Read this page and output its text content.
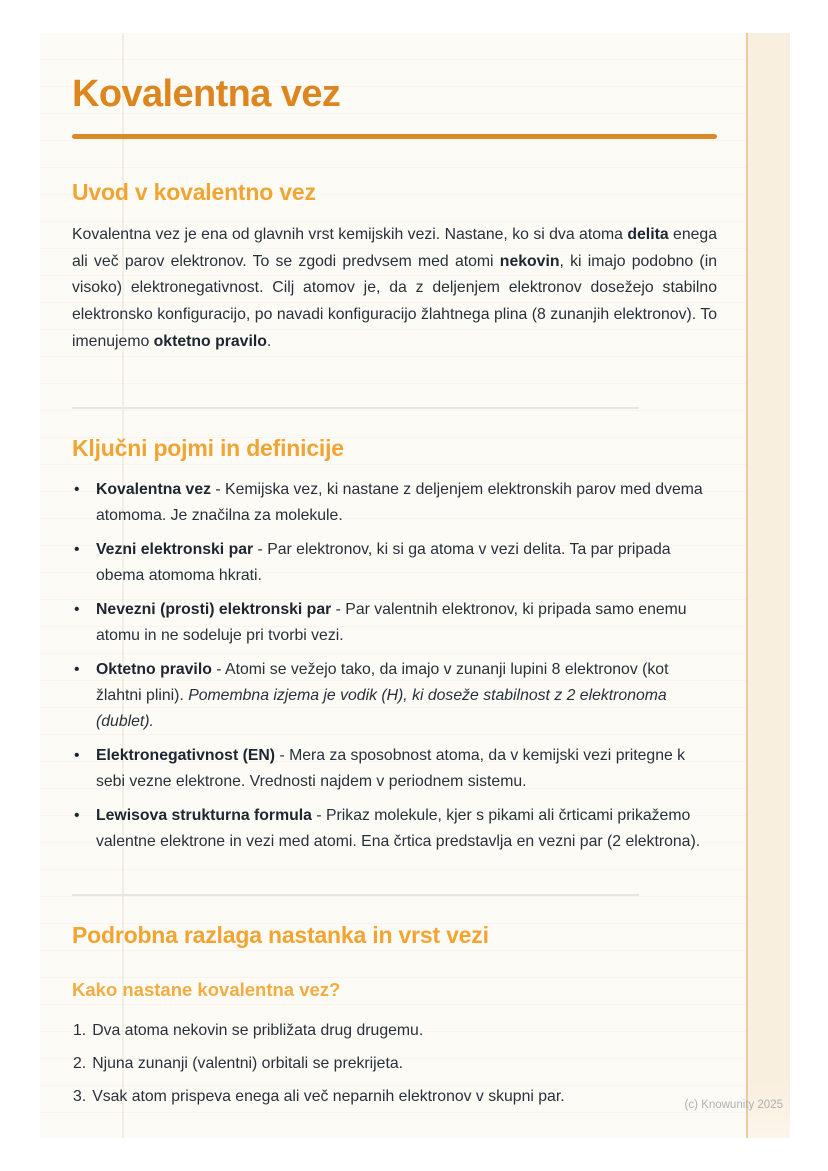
Kovalentna vez
Uvod v kovalentno vez

Kovalentna vez je ena od glavnih vrst kemijskih vezi. Nastane, ko si dva atoma delita enega ali več parov elektronov. To se zgodi predvsem med atomi nekovin, ki imajo podobno (in visoko) elektronegativnost. Cilj atomov je, da z deljenjem elektronov dosežejo stabilno elektronsko konfiguracijo, po navadi konfiguracijo žlahtnega plina (8 zunanjih elektronov). To imenujemo oktetno pravilo.

Ključni pojmi in definicije
•	Kovalentna vez - Kemijska vez, ki nastane z deljenjem elektronskih parov med dvema atomoma. Je značilna za molekule.
•	Vezni elektronski par - Par elektronov, ki si ga atoma v vezi delita. Ta par pripada obema atomoma hkrati.
•	Nevezni (prosti) elektronski par - Par valentnih elektronov, ki pripada samo enemu atomu in ne sodeluje pri tvorbi vezi.
•	Oktetno pravilo - Atomi se vežejo tako, da imajo v zunanji lupini 8 elektronov (kot žlahtni plini). Pomembna izjema je vodik (H), ki doseže stabilnost z 2 elektronoma (dublet).
•	Elektronegativnost (EN) - Mera za sposobnost atoma, da v kemijski vezi pritegne k sebi vezne elektrone. Vrednosti najdem v periodnem sistemu.
•	Lewisova strukturna formula - Prikaz molekule, kjer s pikami ali črticami prikažemo valentne elektrone in vezi med atomi. Ena črtica predstavlja en vezni par (2 elektrona).
Podrobna razlaga nastanka in vrst vezi
Kako nastane kovalentna vez?
1. Dva atoma nekovin se približata drug drugemu.
2. Njuna zunanji (valentni) orbitali se prekrijeta.
3. Vsak atom prispeva enega ali več neparnih elektronov v skupni par.	(c) Knowunity 2025
